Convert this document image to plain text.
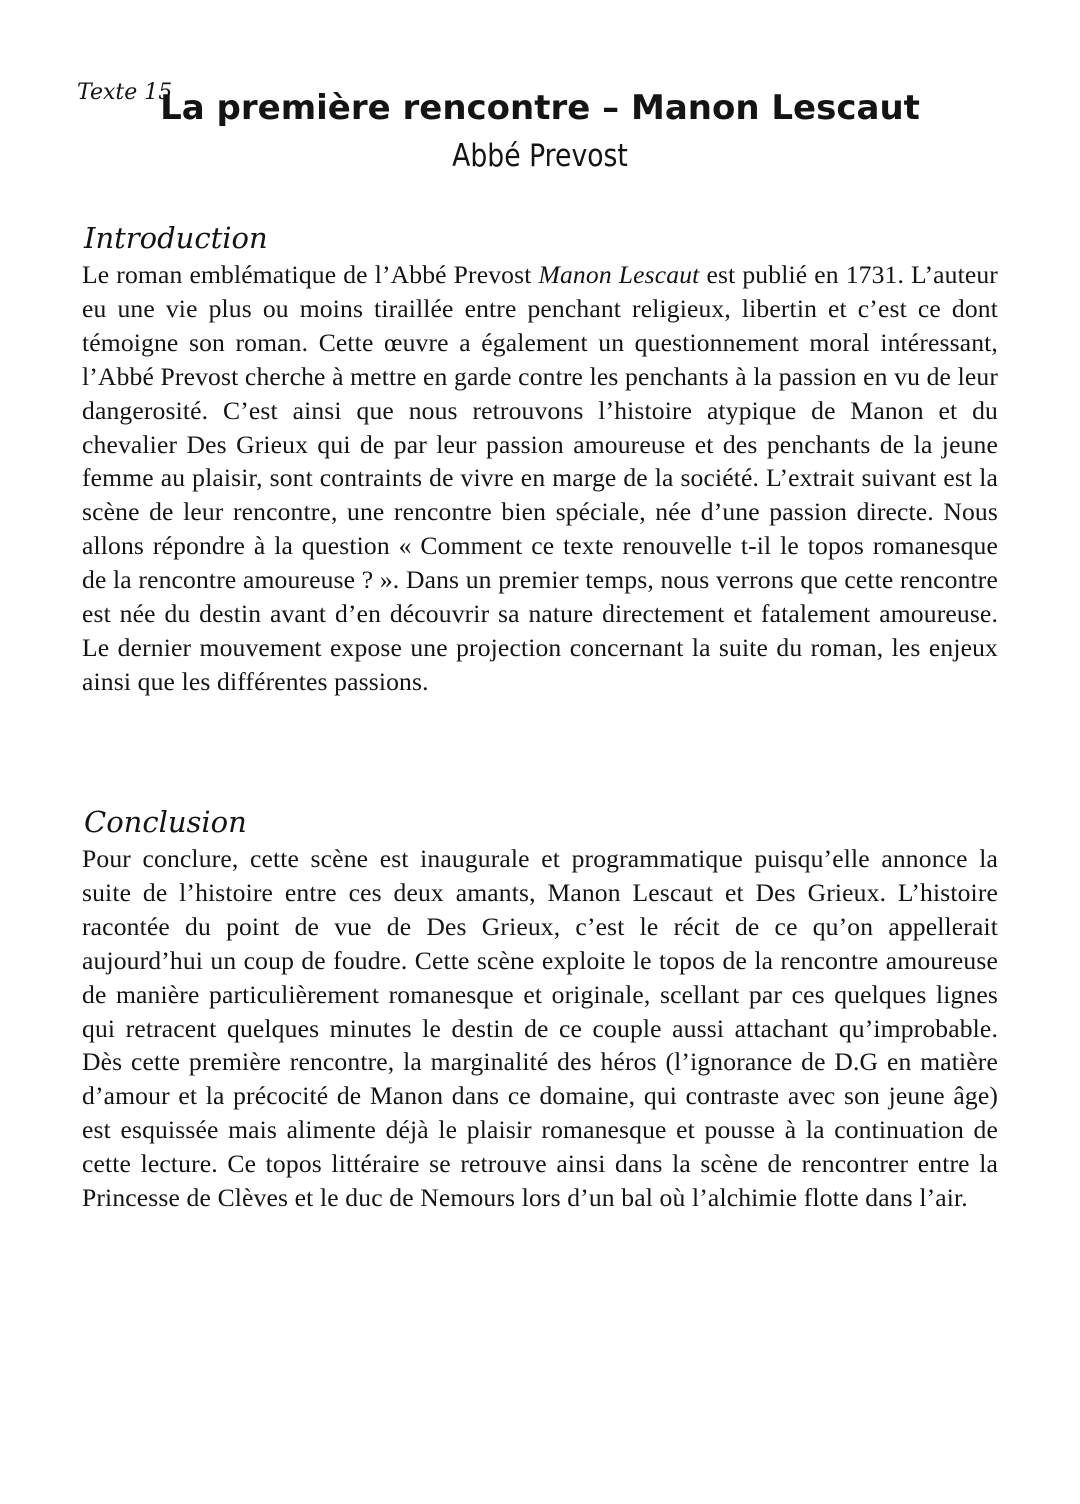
Texte 15
La première rencontre – Manon Lescaut
Abbé Prevost
Introduction

Le roman emblématique de l’Abbé Prevost Manon Lescaut est publié en 1731. L’auteur eu une vie plus ou moins tiraillée entre penchant religieux, libertin et c’est ce dont témoigne son roman. Cette œuvre a également un questionnement moral intéressant, l’Abbé Prevost cherche à mettre en garde contre les penchants à la passion en vu de leur dangerosité. C’est ainsi que nous retrouvons l’histoire atypique de Manon et du chevalier Des Grieux qui de par leur passion amoureuse et des penchants de la jeune femme au plaisir, sont contraints de vivre en marge de la société. L’extrait suivant est la scène de leur rencontre, une rencontre bien spéciale, née d’une passion directe. Nous allons répondre à la question « Comment ce texte renouvelle t-il le topos romanesque de la rencontre amoureuse ? ». Dans un premier temps, nous verrons que cette rencontre est née du destin avant d’en découvrir sa nature directement et fatalement amoureuse. Le dernier mouvement expose une projection concernant la suite du roman, les enjeux ainsi que les différentes passions.

Conclusion

Pour conclure, cette scène est inaugurale et programmatique puisqu’elle annonce la suite de l’histoire entre ces deux amants, Manon Lescaut et Des Grieux. L’histoire racontée du point de vue de Des Grieux, c’est le récit de ce qu’on appellerait aujourd’hui un coup de foudre. Cette scène exploite le topos de la rencontre amoureuse de manière particulièrement romanesque et originale, scellant par ces quelques lignes qui retracent quelques minutes le destin de ce couple aussi attachant qu’improbable. Dès cette première rencontre, la marginalité des héros (l’ignorance de D.G en matière d’amour et la précocité de Manon dans ce domaine, qui contraste avec son jeune âge) est esquissée mais alimente déjà le plaisir romanesque et pousse à la continuation de cette lecture. Ce topos littéraire se retrouve ainsi dans la scène de rencontrer entre la Princesse de Clèves et le duc de Nemours lors d’un bal où l’alchimie flotte dans l’air.
